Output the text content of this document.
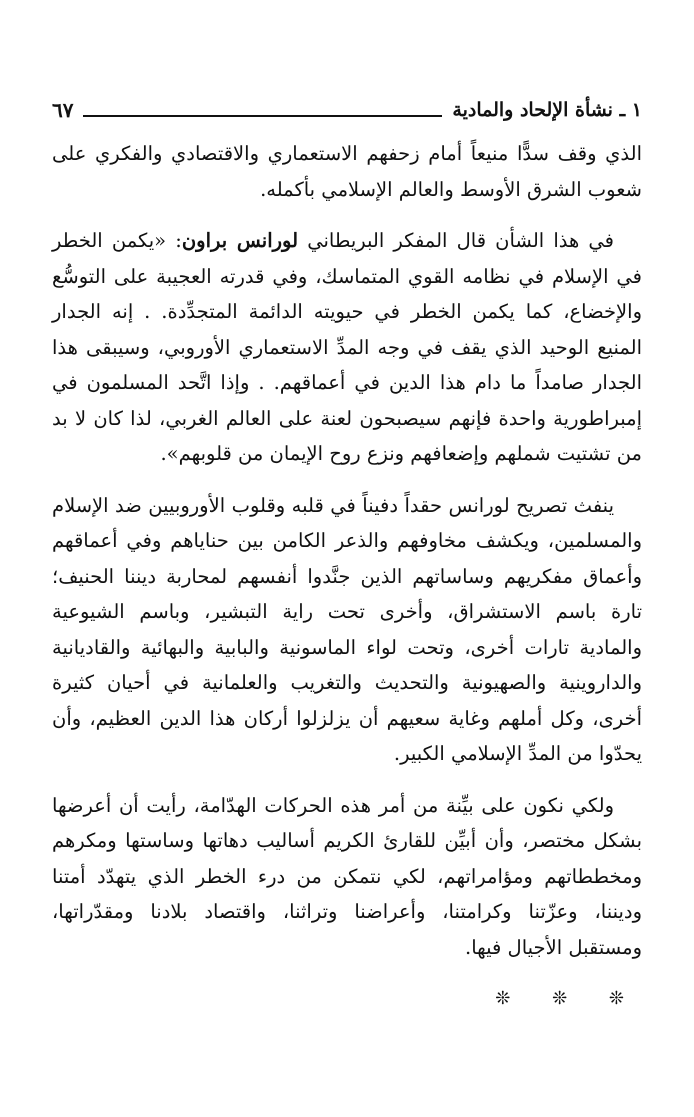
١ ـ نشأة الإلحاد والمادية
٦٧

الذي وقف سدًّا منيعاً أمام زحفهم الاستعماري والاقتصادي والفكري على شعوب الشرق الأوسط والعالم الإسلامي بأكمله.

في هذا الشأن قال المفكر البريطاني لورانس براون: «يكمن الخطر في الإسلام في نظامه القوي المتماسك، وفي قدرته العجيبة على التوسُّع والإخضاع، كما يكمن الخطر في حيويته الدائمة المتجدِّدة. . إنه الجدار المنيع الوحيد الذي يقف في وجه المدِّ الاستعماري الأوروبي، وسيبقى هذا الجدار صامداً ما دام هذا الدين في أعماقهم. . وإذا اتَّحد المسلمون في إمبراطورية واحدة فإنهم سيصبحون لعنة على العالم الغربي، لذا كان لا بد من تشتيت شملهم وإضعافهم ونزع روح الإيمان من قلوبهم».

ينفث تصريح لورانس حقداً دفيناً في قلبه وقلوب الأوروبيين ضد الإسلام والمسلمين، ويكشف مخاوفهم والذعر الكامن بين حناياهم وفي أعماقهم وأعماق مفكريهم وساساتهم الذين جنَّدوا أنفسهم لمحاربة ديننا الحنيف؛ تارة باسم الاستشراق، وأخرى تحت راية التبشير، وباسم الشيوعية والمادية تارات أخرى، وتحت لواء الماسونية والبابية والبهائية والقاديانية والداروينية والصهيونية والتحديث والتغريب والعلمانية في أحيان كثيرة أخرى، وكل أملهم وغاية سعيهم أن يزلزلوا أركان هذا الدين العظيم، وأن يحدّوا من المدِّ الإسلامي الكبير.

ولكي نكون على بيِّنة من أمر هذه الحركات الهدّامة، رأيت أن أعرضها بشكل مختصر، وأن أبيِّن للقارئ الكريم أساليب دهاتها وساستها ومكرهم ومخططاتهم ومؤامراتهم، لكي نتمكن من درء الخطر الذي يتهدّد أمتنا وديننا، وعزّتنا وكرامتنا، وأعراضنا وتراثنا، واقتصاد بلادنا ومقدّراتها، ومستقبل الأجيال فيها.

❊ ❊ ❊
